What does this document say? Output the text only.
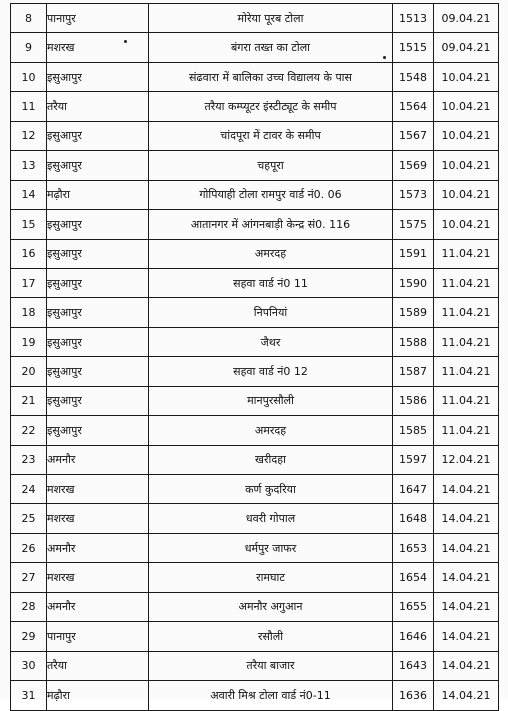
8	पानापुर	मोरेया पूरब टोला	1513	09.04.21
9	मशरख	बंगरा तख्त का टोला	1515	09.04.21
10	इसुआपुर	संढवारा में बालिका उच्च विद्यालय के पास	1548	10.04.21
11	तरैया	तरैया कम्प्यूटर इंस्टीट्यूट के समीप	1564	10.04.21
12	इसुआपुर	चांदपूरा में टावर के समीप	1567	10.04.21
13	इसुआपुर	चहपूरा	1569	10.04.21
14	मढ़ौरा	गोपियाही टोला रामपुर वार्ड नं0. 06	1573	10.04.21
15	इसुआपुर	आतानगर में आंगनबाड़ी केन्द्र सं0. 116	1575	10.04.21
16	इसुआपुर	अमरदह	1591	11.04.21
17	इसुआपुर	सहवा वार्ड नं0 11	1590	11.04.21
18	इसुआपुर	निपनियां	1589	11.04.21
19	इसुआपुर	जैथर	1588	11.04.21
20	इसुआपुर	सहवा वार्ड नं0 12	1587	11.04.21
21	इसुआपुर	मानपुरसौली	1586	11.04.21
22	इसुआपुर	अमरदह	1585	11.04.21
23	अमनौर	खरीदहा	1597	12.04.21
24	मशरख	कर्ण कुदरिया	1647	14.04.21
25	मशरख	धवरी गोपाल	1648	14.04.21
26	अमनौर	धर्मपुर जाफर	1653	14.04.21
27	मशरख	रामघाट	1654	14.04.21
28	अमनौर	अमनौर अगुआन	1655	14.04.21
29	पानापुर	रसौली	1646	14.04.21
30	तरैया	तरैया बाजार	1643	14.04.21
31	मढ़ौरा	अवारी मिश्र टोला वार्ड नं0-11	1636	14.04.21
